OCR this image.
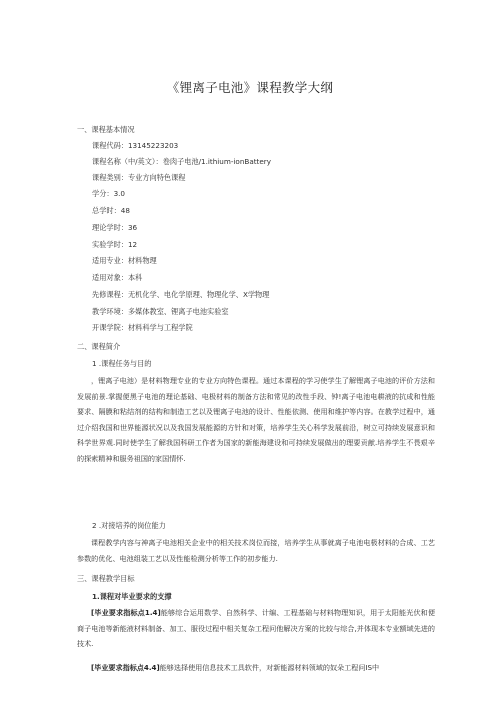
《锂离子电池》课程教学大纲
一、课程基本情况
课程代码：13145223203
课程名称（中/英文）：卷肉子电池/1.ithium-ionBattery
课程类别：专业方向特色课程
学分：3.0
总学时：48
理论学时：36
实验学时：12
适用专业：材料物理
适用对象：本科
先修课程：无机化学、电化学原理、物理化学、X学物理
教学环境：多媒体教室、锂离子电池实验室
开课学院：材料科学与工程学院
二、课程简介
1 .课程任务与目的
，锂离子电池）是材料物理专业的专业方向特色课程。通过本课程的学习使学生了解锂离子电池的评价方法和发展前景.掌握便黑子电池的理论基础、电极材料的制备方法和常见的改性手段、钟!离子电池电耕液的抗成和性能要求、隔膜和粘结剂的结构和制造工艺以及锂离子电池的设计、性能依测、使用和维护等内容。在教学过程中，通过介绍我国和世界能源状况以及我国发展能源的方针和对策，培养学生关心科学发展前沿，树立可持续发展意识和科学世界观.同时使学生了解我国科研工作者为国家的新能海建设和可持续发展做出的理要贡献.培养学生不畏艰辛的探索精神和服务祖国的家国情怀.
2 .对接培养的岗位能力
课程教学内容与神离子电池相关企业中的相关技术岗位而接，培养学生从事就离子电池电极材料的合成、工艺参数的优化、电池组装工艺以及性能检测分析等工作的初步能力.
三、课程教学目标
1.课程对毕业要求的支撑
[毕业要求指标点1.4]能够综合运用数学、自然科学、计编、工程基础与材料物理知识，用于太阳能光伏和便商子电池等新能液材料制备、加工、服役过程中相关复杂工程问他解决方案的比较与综合,并体现本专业额域先进的技术.
[毕业要求指标点4.4]能够选择使用信息技术工具软件，对新能源材料领域的奴朵工程问IS中
